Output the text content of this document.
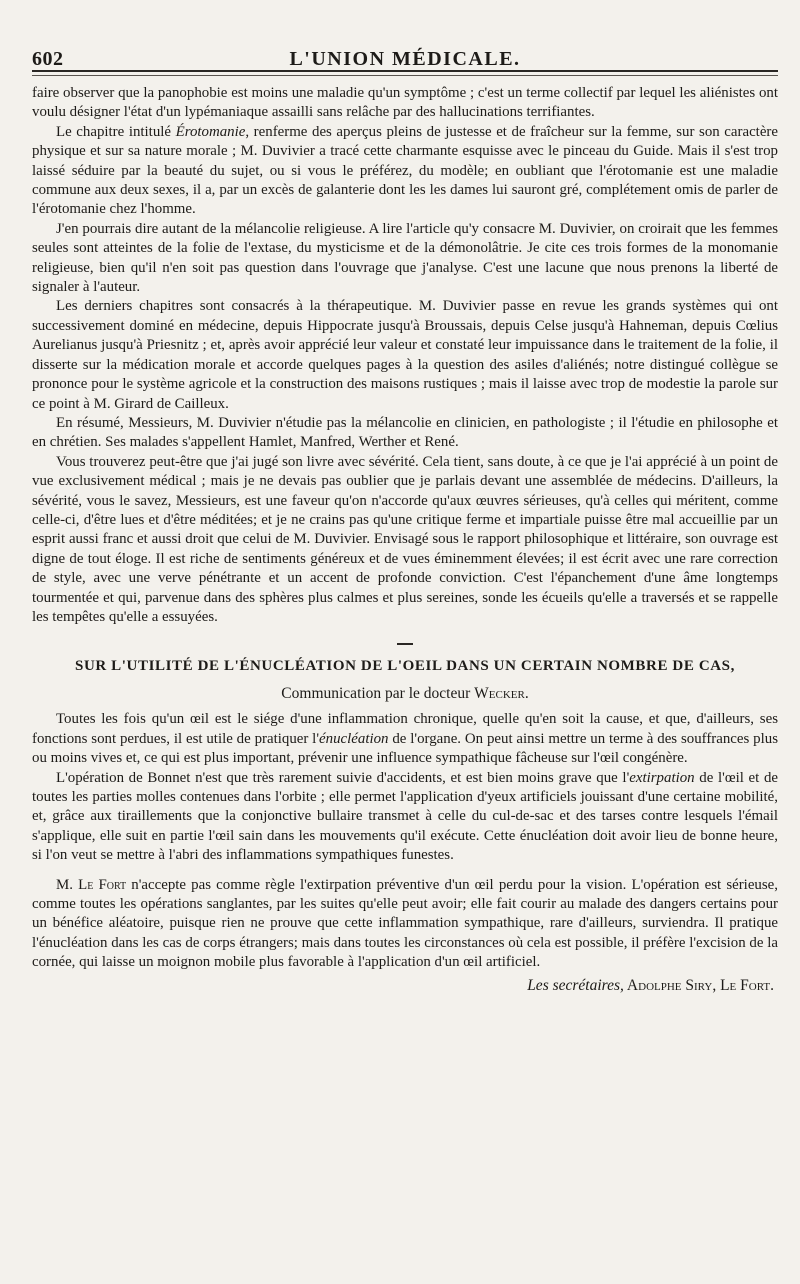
602	L'UNION MÉDICALE.

faire observer que la panophobie est moins une maladie qu'un symptôme ; c'est un terme collectif par lequel les aliénistes ont voulu désigner l'état d'un lypémaniaque assailli sans relâche par des hallucinations terrifiantes.

Le chapitre intitulé Érotomanie, renferme des aperçus pleins de justesse et de fraîcheur sur la femme, sur son caractère physique et sur sa nature morale ; M. Duvivier a tracé cette charmante esquisse avec le pinceau du Guide. Mais il s'est trop laissé séduire par la beauté du sujet, ou si vous le préférez, du modèle; en oubliant que l'érotomanie est une maladie commune aux deux sexes, il a, par un excès de galanterie dont les les dames lui sauront gré, complétement omis de parler de l'érotomanie chez l'homme.

J'en pourrais dire autant de la mélancolie religieuse. A lire l'article qu'y consacre M. Duvivier, on croirait que les femmes seules sont atteintes de la folie de l'extase, du mysticisme et de la démonolâtrie. Je cite ces trois formes de la monomanie religieuse, bien qu'il n'en soit pas question dans l'ouvrage que j'analyse. C'est une lacune que nous prenons la liberté de signaler à l'auteur.

Les derniers chapitres sont consacrés à la thérapeutique. M. Duvivier passe en revue les grands systèmes qui ont successivement dominé en médecine, depuis Hippocrate jusqu'à Broussais, depuis Celse jusqu'à Hahneman, depuis Cœlius Aurelianus jusqu'à Priesnitz ; et, après avoir apprécié leur valeur et constaté leur impuissance dans le traitement de la folie, il disserte sur la médication morale et accorde quelques pages à la question des asiles d'aliénés; notre distingué collègue se prononce pour le système agricole et la construction des maisons rustiques ; mais il laisse avec trop de modestie la parole sur ce point à M. Girard de Cailleux.

En résumé, Messieurs, M. Duvivier n'étudie pas la mélancolie en clinicien, en pathologiste ; il l'étudie en philosophe et en chrétien. Ses malades s'appellent Hamlet, Manfred, Werther et René.

Vous trouverez peut-être que j'ai jugé son livre avec sévérité. Cela tient, sans doute, à ce que je l'ai apprécié à un point de vue exclusivement médical ; mais je ne devais pas oublier que je parlais devant une assemblée de médecins. D'ailleurs, la sévérité, vous le savez, Messieurs, est une faveur qu'on n'accorde qu'aux œuvres sérieuses, qu'à celles qui méritent, comme celle-ci, d'être lues et d'être méditées; et je ne crains pas qu'une critique ferme et impartiale puisse être mal accueillie par un esprit aussi franc et aussi droit que celui de M. Duvivier. Envisagé sous le rapport philosophique et littéraire, son ouvrage est digne de tout éloge. Il est riche de sentiments généreux et de vues éminemment élevées; il est écrit avec une rare correction de style, avec une verve pénétrante et un accent de profonde conviction. C'est l'épanchement d'une âme longtemps tourmentée et qui, parvenue dans des sphères plus calmes et plus sereines, sonde les écueils qu'elle a traversés et se rappelle les tempêtes qu'elle a essuyées.

SUR L'UTILITÉ DE L'ÉNUCLÉATION DE L'OEIL DANS UN CERTAIN NOMBRE DE CAS,
Communication par le docteur Wecker.

Toutes les fois qu'un œil est le siége d'une inflammation chronique, quelle qu'en soit la cause, et que, d'ailleurs, ses fonctions sont perdues, il est utile de pratiquer l'énucléation de l'organe. On peut ainsi mettre un terme à des souffrances plus ou moins vives et, ce qui est plus important, prévenir une influence sympathique fâcheuse sur l'œil congénère.

L'opération de Bonnet n'est que très rarement suivie d'accidents, et est bien moins grave que l'extirpation de l'œil et de toutes les parties molles contenues dans l'orbite ; elle permet l'application d'yeux artificiels jouissant d'une certaine mobilité, et, grâce aux tiraillements que la conjonctive bullaire transmet à celle du cul-de-sac et des tarses contre lesquels l'émail s'applique, elle suit en partie l'œil sain dans les mouvements qu'il exécute. Cette énucléation doit avoir lieu de bonne heure, si l'on veut se mettre à l'abri des inflammations sympathiques funestes.

M. Le Fort n'accepte pas comme règle l'extirpation préventive d'un œil perdu pour la vision. L'opération est sérieuse, comme toutes les opérations sanglantes, par les suites qu'elle peut avoir; elle fait courir au malade des dangers certains pour un bénéfice aléatoire, puisque rien ne prouve que cette inflammation sympathique, rare d'ailleurs, surviendra. Il pratique l'énucléation dans les cas de corps étrangers; mais dans toutes les circonstances où cela est possible, il préfère l'excision de la cornée, qui laisse un moignon mobile plus favorable à l'application d'un œil artificiel.

Les secrétaires, Adolphe Siry, Le Fort.
